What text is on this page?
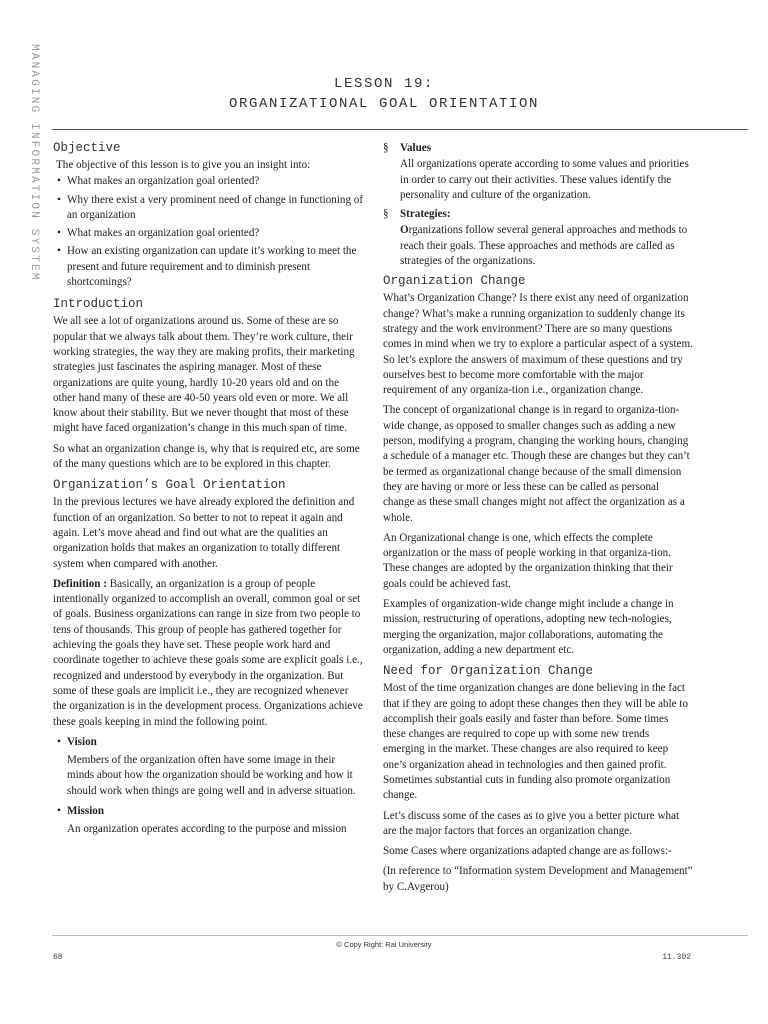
MANAGING INFORMATION SYSTEM	LESSON 19:
ORGANIZATIONAL GOAL ORIENTATION
Objective

The objective of this lesson is to give you an insight into:

• What makes an organization goal oriented?
• Why there exist a very prominent need of change in functioning of an organization
• What makes an organization goal oriented?
• How an existing organization can update it’s working to meet the present and future requirement and to diminish present shortcomings?
Introduction

We all see a lot of organizations around us. Some of these are so popular that we always talk about them. They’re work culture, their working strategies, the way they are making profits, their marketing strategies just fascinates the aspiring manager. Most of these organizations are quite young, hardly 10-20 years old and on the other hand many of these are 40-50 years old even or more. We all know about their stability. But we never thought that most of these might have faced organization’s change in this much span of time.

So what an organization change is, why that is required etc, are some of the many questions which are to be explored in this chapter.

Organization’s Goal Orientation

In the previous lectures we have already explored the definition and function of an organization. So better to not to repeat it again and again. Let’s move ahead and find out what are the qualities an organization holds that makes an organization to totally different system when compared with another.

Definition : Basically, an organization is a group of people intentionally organized to accomplish an overall, common goal or set of goals. Business organizations can range in size from two people to tens of thousands. This group of people has gathered together for achieving the goals they have set. These people work hard and coordinate together to achieve these goals some are explicit goals i.e., recognized and understood by everybody in the organization. But some of these goals are implicit i.e., they are recognized whenever the organization is in the development process. Organizations achieve these goals keeping in mind the following point.

• Vision

Members of the organization often have some image in their minds about how the organization should be working and how it should work when things are going well and in adverse situation.

• Mission

An organization operates according to the purpose and mission

§ Values

All organizations operate according to some values and priorities in order to carry out their activities. These values identify the personality and culture of the organization.

§ Strategies:

Organizations follow several general approaches and methods to reach their goals. These approaches and methods are called as strategies of the organizations.

Organization Change

What’s Organization Change? Is there exist any need of organization change? What’s make a running organization to suddenly change its strategy and the work environment? There are so many questions comes in mind when we try to explore a particular aspect of a system. So let’s explore the answers of maximum of these questions and try ourselves best to become more comfortable with the major requirement of any organiza-tion i.e., organization change.

The concept of organizational change is in regard to organiza-tion-wide change, as opposed to smaller changes such as adding a new person, modifying a program, changing the working hours, changing a schedule of a manager etc. Though these are changes but they can’t be termed as organizational change because of the small dimension they are having or more or less these can be called as personal change as these small changes might not affect the organization as a whole.

An Organizational change is one, which effects the complete organization or the mass of people working in that organiza-tion. These changes are adopted by the organization thinking that their goals could be achieved fast.

Examples of organization-wide change might include a change in mission, restructuring of operations, adopting new tech-nologies, merging the organization, major collaborations, automating the organization, adding a new department etc.

Need for Organization Change

Most of the time organization changes are done believing in the fact that if they are going to adopt these changes then they will be able to accomplish their goals easily and faster than before. Some times these changes are required to cope up with some new trends emerging in the market. These changes are also required to keep one’s organization ahead in technologies and then gained profit. Sometimes substantial cuts in funding also promote organization change.

Let’s discuss some of the cases as to give you a better picture what are the major factors that forces an organization change.

Some Cases where organizations adapted change are as follows:-

(In reference to “Information system Development and Management” by C.Avgerou)

© Copy Right: Rai University
68	11.302
